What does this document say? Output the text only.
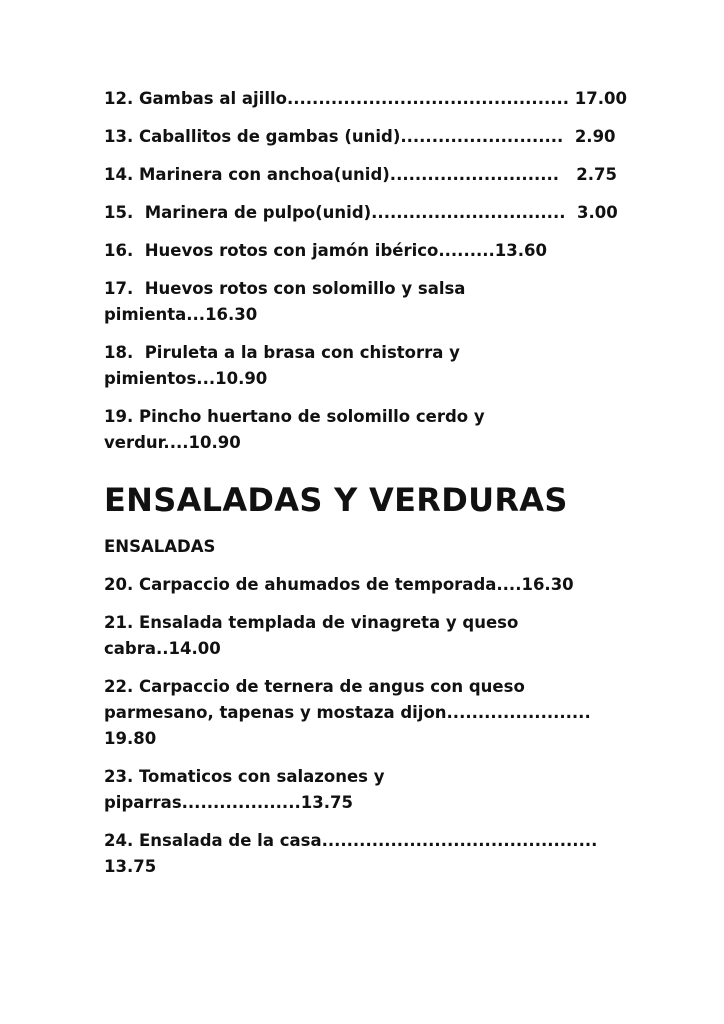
12. Gambas al ajillo............................................. 17.00
13. Caballitos de gambas (unid)..........................  2.90
14. Marinera con anchoa(unid)...........................   2.75
15.  Marinera de pulpo(unid)...............................  3.00
16.  Huevos rotos con jamón ibérico.........13.60
17.  Huevos rotos con solomillo y salsa
pimienta...16.30
18.  Piruleta a la brasa con chistorra y
pimientos...10.90
19. Pincho huertano de solomillo cerdo y
verdur....10.90
ENSALADAS Y VERDURAS
ENSALADAS
20. Carpaccio de ahumados de temporada....16.30
21. Ensalada templada de vinagreta y queso
cabra..14.00
22. Carpaccio de ternera de angus con queso
parmesano, tapenas y mostaza dijon.......................
19.80
23. Tomaticos con salazones y
piparras...................13.75
24. Ensalada de la casa............................................
13.75
